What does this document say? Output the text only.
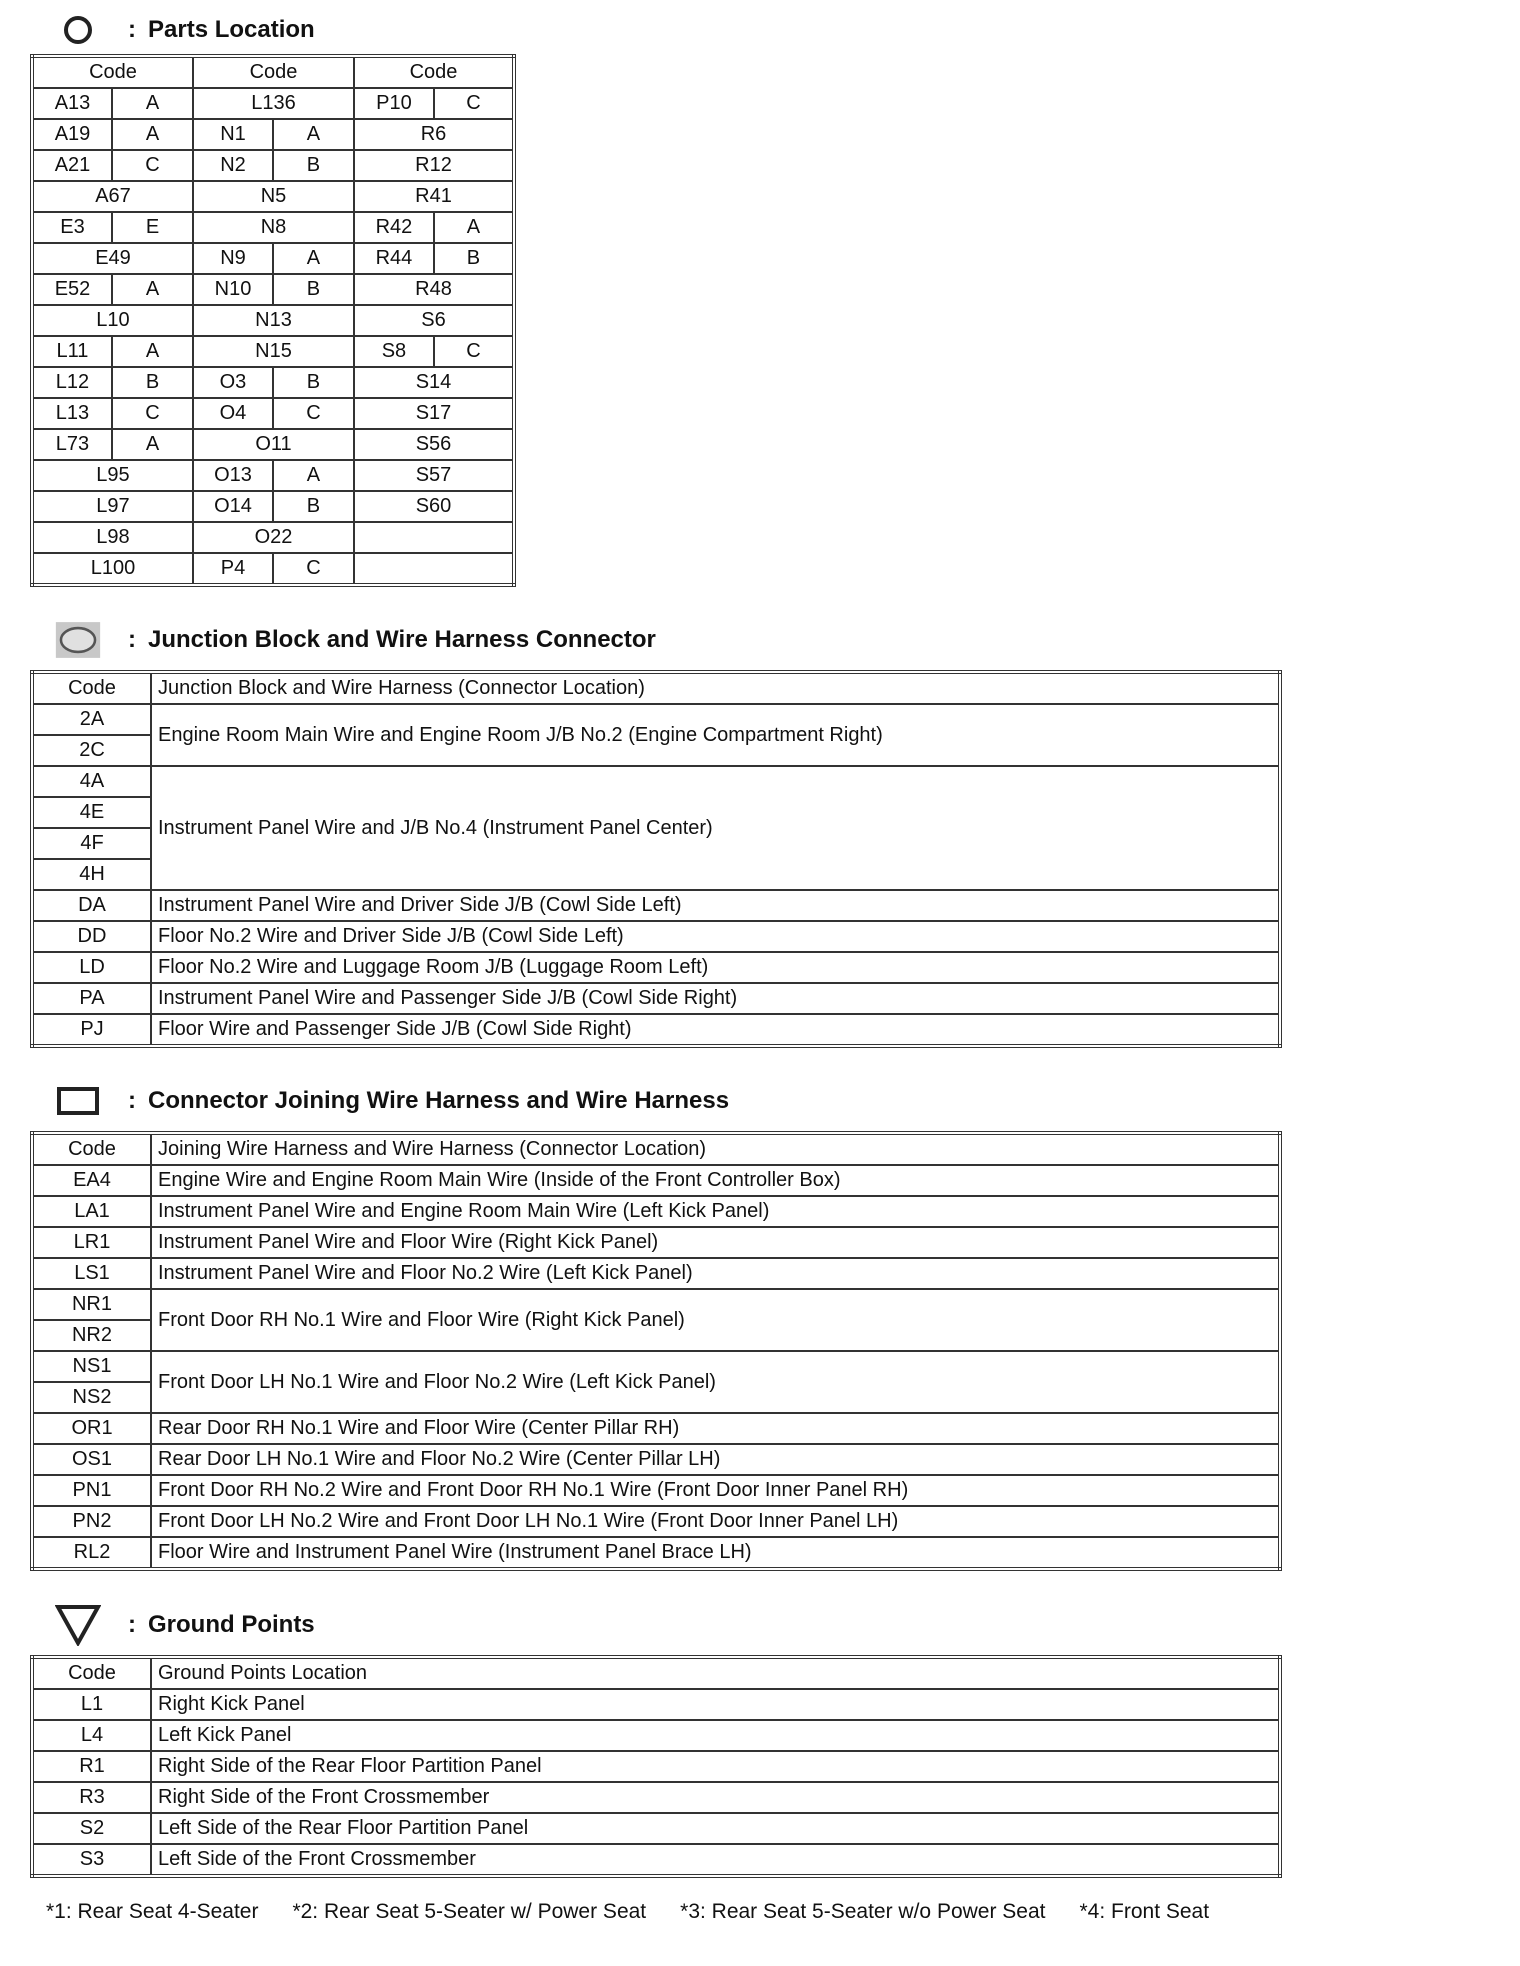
: Parts Location
Code		Code		Code	
A13	A	L136		P10	C
A19	A	N1	A	R6	
A21	C	N2	B	R12	
A67		N5		R41	
E3	E	N8		R42	A
E49		N9	A	R44	B
E52	A	N10	B	R48	
L10		N13		S6	
L11	A	N15		S8	C
L12	B	O3	B	S14	
L13	C	O4	C	S17	
L73	A	O11		S56	
L95		O13	A	S57	
L97		O14	B	S60	
L98		O22			
L100		P4	C		
: Junction Block and Wire Harness Connector
Code	Junction Block and Wire Harness (Connector Location)
2A	Engine Room Main Wire and Engine Room J/B No.2 (Engine Compartment Right)
2C	
4A	Instrument Panel Wire and J/B No.4 (Instrument Panel Center)
4E	
4F	
4H	
DA	Instrument Panel Wire and Driver Side J/B (Cowl Side Left)
DD	Floor No.2 Wire and Driver Side J/B (Cowl Side Left)
LD	Floor No.2 Wire and Luggage Room J/B (Luggage Room Left)
PA	Instrument Panel Wire and Passenger Side J/B (Cowl Side Right)
PJ	Floor Wire and Passenger Side J/B (Cowl Side Right)
: Connector Joining Wire Harness and Wire Harness
Code	Joining Wire Harness and Wire Harness (Connector Location)
EA4	Engine Wire and Engine Room Main Wire (Inside of the Front Controller Box)
LA1	Instrument Panel Wire and Engine Room Main Wire (Left Kick Panel)
LR1	Instrument Panel Wire and Floor Wire (Right Kick Panel)
LS1	Instrument Panel Wire and Floor No.2 Wire (Left Kick Panel)
NR1	Front Door RH No.1 Wire and Floor Wire (Right Kick Panel)
NR2	
NS1	Front Door LH No.1 Wire and Floor No.2 Wire (Left Kick Panel)
NS2	
OR1	Rear Door RH No.1 Wire and Floor Wire (Center Pillar RH)
OS1	Rear Door LH No.1 Wire and Floor No.2 Wire (Center Pillar LH)
PN1	Front Door RH No.2 Wire and Front Door RH No.1 Wire (Front Door Inner Panel RH)
PN2	Front Door LH No.2 Wire and Front Door LH No.1 Wire (Front Door Inner Panel LH)
RL2	Floor Wire and Instrument Panel Wire (Instrument Panel Brace LH)
: Ground Points
Code	Ground Points Location
L1	Right Kick Panel
L4	Left Kick Panel
R1	Right Side of the Rear Floor Partition Panel
R3	Right Side of the Front Crossmember
S2	Left Side of the Rear Floor Partition Panel
S3	Left Side of the Front Crossmember
*1: Rear Seat 4-Seater *2: Rear Seat 5-Seater w/ Power Seat *3: Rear Seat 5-Seater w/o Power Seat *4: Front Seat
